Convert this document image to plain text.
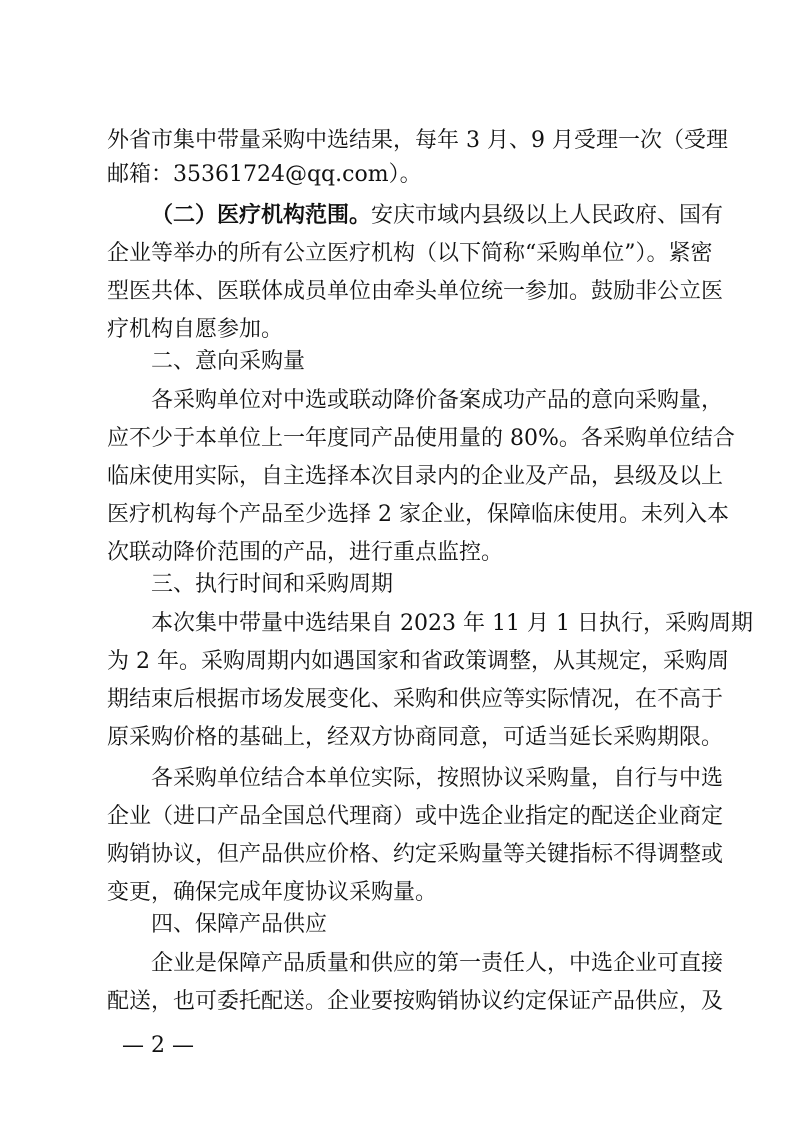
外省市集中带量采购中选结果，每年 3 月、9 月受理一次（受理
邮箱：35361724@qq.com）。
（二）医疗机构范围。安庆市域内县级以上人民政府、国有
企业等举办的所有公立医疗机构（以下简称“采购单位”）。紧密
型医共体、医联体成员单位由牵头单位统一参加。鼓励非公立医
疗机构自愿参加。
二、意向采购量
各采购单位对中选或联动降价备案成功产品的意向采购量，
应不少于本单位上一年度同产品使用量的 80%。各采购单位结合
临床使用实际，自主选择本次目录内的企业及产品，县级及以上
医疗机构每个产品至少选择 2 家企业，保障临床使用。未列入本
次联动降价范围的产品，进行重点监控。
三、执行时间和采购周期
本次集中带量中选结果自 2023 年 11 月 1 日执行，采购周期
为 2 年。采购周期内如遇国家和省政策调整，从其规定，采购周
期结束后根据市场发展变化、采购和供应等实际情况，在不高于
原采购价格的基础上，经双方协商同意，可适当延长采购期限。
各采购单位结合本单位实际，按照协议采购量，自行与中选
企业（进口产品全国总代理商）或中选企业指定的配送企业商定
购销协议，但产品供应价格、约定采购量等关键指标不得调整或
变更，确保完成年度协议采购量。
四、保障产品供应
企业是保障产品质量和供应的第一责任人，中选企业可直接
配送，也可委托配送。企业要按购销协议约定保证产品供应，及
— 2 —
